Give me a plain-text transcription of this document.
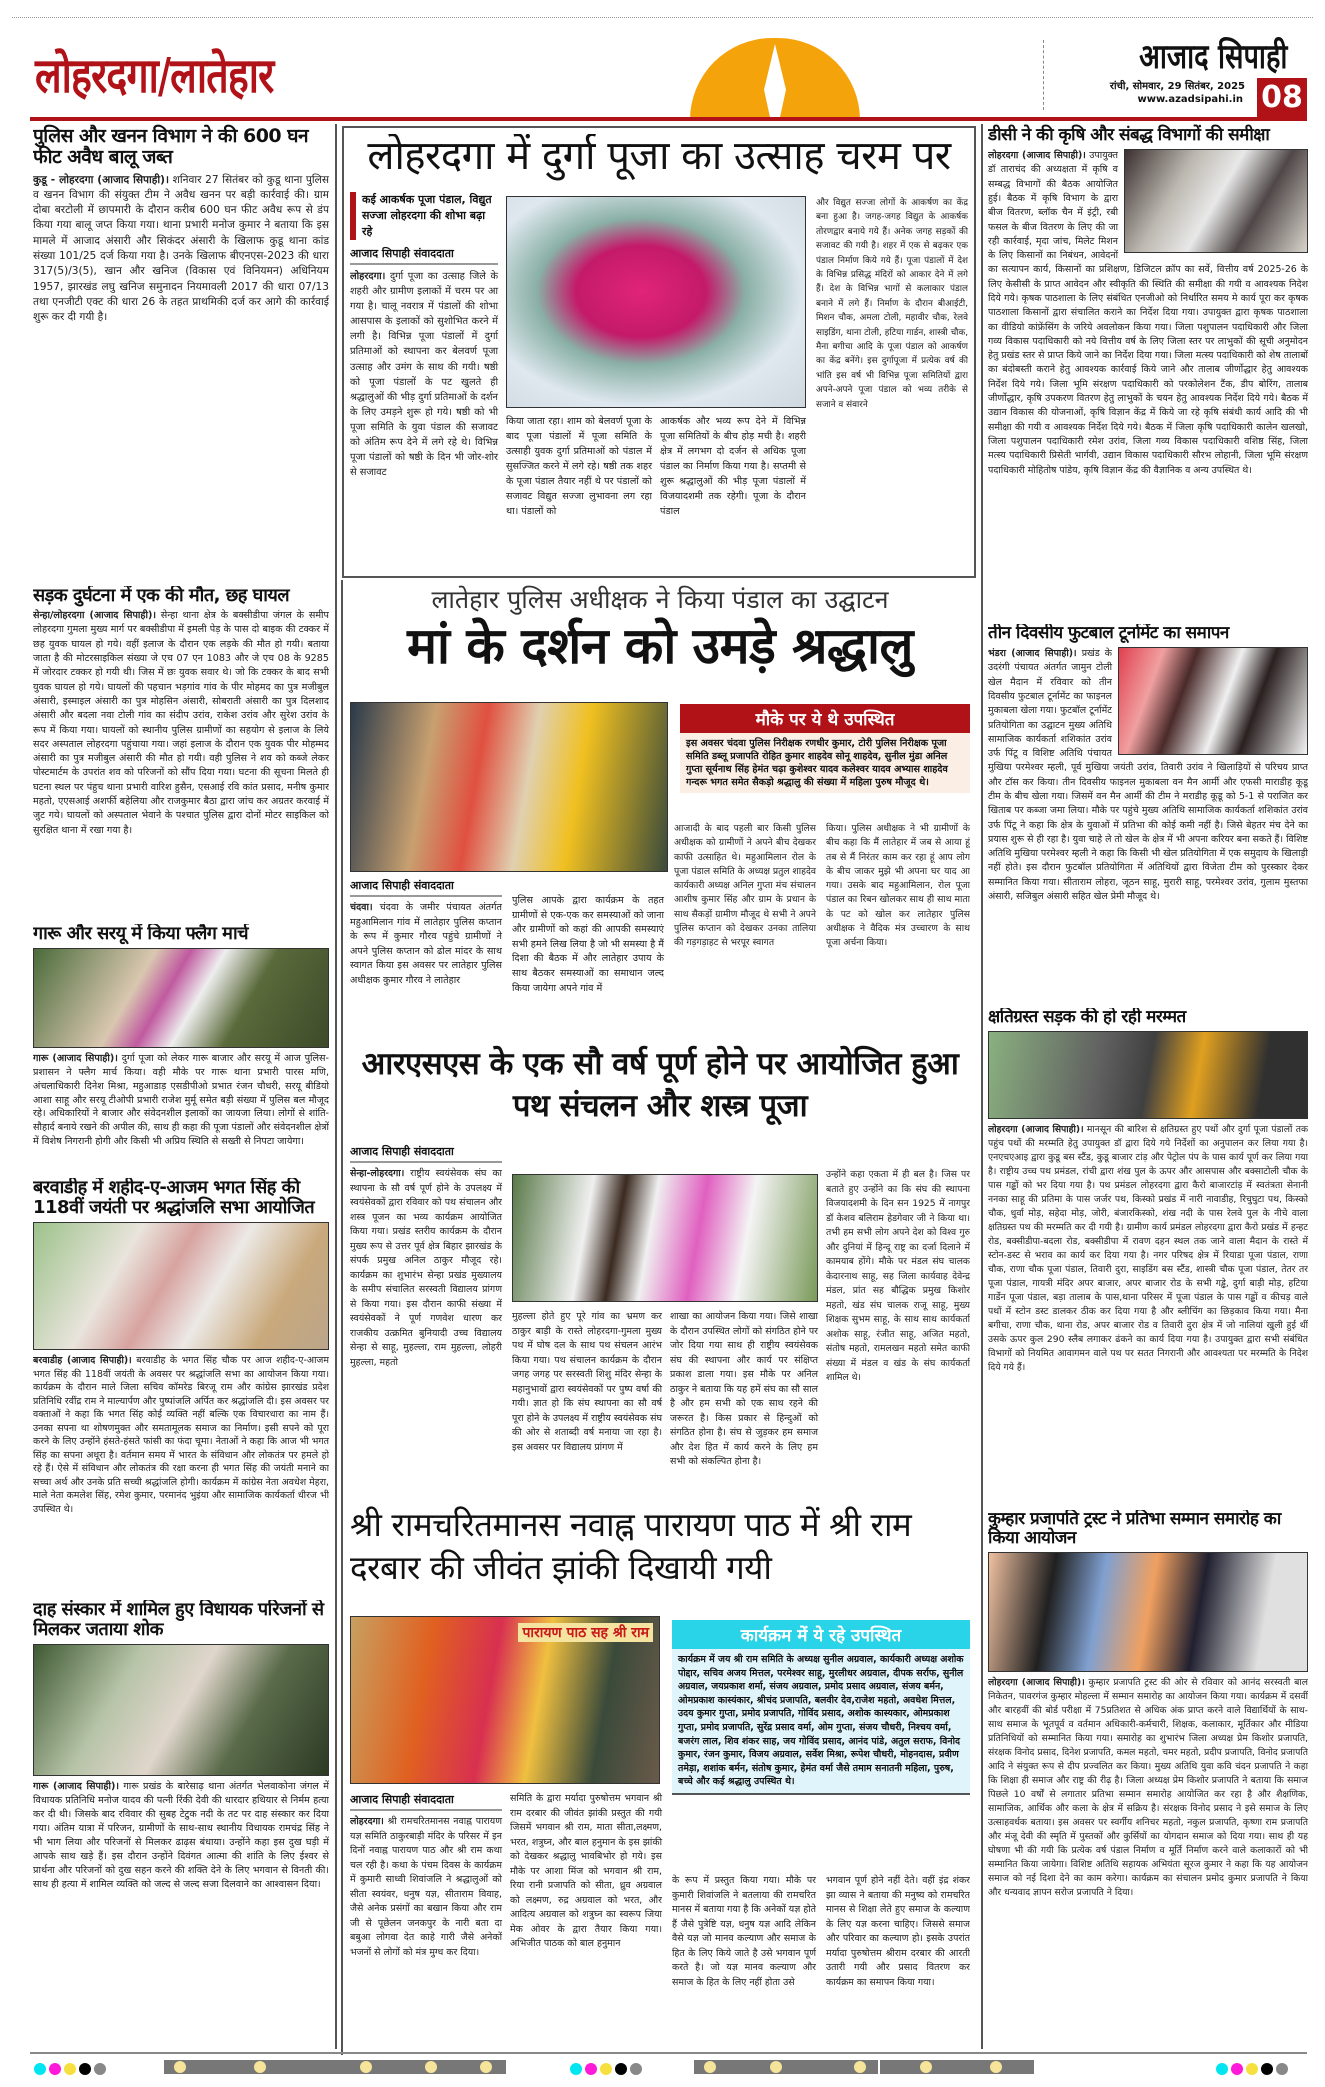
लोहरदगा/लातेहार	आजाद सिपाही
रांची, सोमवार, 29 सितंबर, 2025
www.azadsipahi.in 08
पुलिस और खनन विभाग ने की 600 घन फीट अवैध बालू जब्त

कुडू - लोहरदगा (आजाद सिपाही)। शनिवार 27 सितंबर को कुडू थाना पुलिस व खनन विभाग की संयुक्त टीम ने अवैध खनन पर बड़ी कार्रवाई की। ग्राम दोबा बरटोली में छापमारी के दौरान करीब 600 घन फीट अवैध रूप से डंप किया गया बालू जप्त किया गया। थाना प्रभारी मनोज कुमार ने बताया कि इस मामले में आजाद अंसारी और सिकंदर अंसारी के खिलाफ कुडू थाना कांड संख्या 101/25 दर्ज किया गया है। उनके खिलाफ बीएनएस-2023 की धारा 317(5)/3(5), खान और खनिज (विकास एवं विनियमन) अधिनियम 1957, झारखंड लघु खनिज समुनादन नियमावली 2017 की धारा 07/13 तथा एनजीटी एक्ट की धारा 26 के तहत प्राथमिकी दर्ज कर आगे की कार्रवाई शुरू कर दी गयी है।

सड़क दुर्घटना में एक की मौत, छह घायल

सेन्हा/लोहरदगा (आजाद सिपाही)। सेन्हा थाना क्षेत्र के बक्सीडीपा जंगल के समीप लोहरदगा गुमला मुख्य मार्ग पर बक्सीडीपा में इमली पेड़ के पास दो बाइक की टक्कर में छह युवक घायल हो गये। वहीं इलाज के दौरान एक लड़के की मौत हो गयी। बताया जाता है की मोटरसाइकिल संख्या जे एच 07 एन 1083 और जे एच 08 के 9285 में जोरदार टक्कर हो गयी थी। जिस में छः युवक सवार थे। जो कि टक्कर के बाद सभी युवक घायल हो गये। घायलों की पहचान भड़गांव गांव के पीर मोहमद का पुत्र मजीबुल अंसारी, इस्माइल अंसारी का पुत्र मोहसिन अंसारी, सोबराती अंसारी का पुत्र दिलशाद अंसारी और बदला नवा टोली गांव का संदीप उरांव, राकेश उरांव और सुरेश उरांव के रूप में किया गया। घायलों को स्थानीय पुलिस ग्रामीणों का सहयोग से इलाज के लिये सदर अस्पताल लोहरदगा पहुंचाया गया। जहां इलाज के दौरान एक युवक पीर मोहम्मद अंसारी का पुत्र मजीबुल अंसारी की मौत हो गयी। वही पुलिस ने शव को कब्जे लेकर पोस्टमार्टम के उपरांत शव को परिजनों को सौंप दिया गया। घटना की सूचना मिलते ही घटना स्थल पर पंहुच थाना प्रभारी वारिश हुसैन, एसआई रवि कांत प्रसाद, मनीष कुमार महतो, एएसआई अशर्फी बहेलिया और राजकुमार बैठा द्वारा जांच कर अग्रतर करवाई में जुट गये। घायलों को अस्पताल भेवाने के पश्चात पुलिस द्वारा दोनों मोटर साइकिल को सुरक्षित थाना में रखा गया है।

गारू और सरयू में किया फ्लैग मार्च

गारू (आजाद सिपाही)। दुर्गा पूजा को लेकर गारू बाजार और सरयू में आज पुलिस-प्रशासन ने फ्लैग मार्च किया। वही मौके पर गारू थाना प्रभारी पारस मणि, अंचलाधिकारी दिनेश मिश्रा, महुआडाड़ एसडीपीओ प्रभात रंजन चौधरी, सरयू बीडियो आशा साहू और सरयू टीओपी प्रभारी राजेश मुर्मू समेत बड़ी संख्या में पुलिस बल मौजूद रहे। अधिकारियों ने बाजार और संवेदनशील इलाकों का जायजा लिया। लोगों से शांति-सौहार्द बनाये रखने की अपील की, साथ ही कहा की पूजा पंडालों और संवेदनशील क्षेत्रों में विशेष निगरानी होगी और किसी भी अप्रिय स्थिति से सख्ती से निपटा जायेगा।

बरवाडीह में शहीद-ए-आजम भगत सिंह की 118वीं जयंती पर श्रद्धांजलि सभा आयोजित

बरवाडीह (आजाद सिपाही)। बरवाडीह के भगत सिंह चौक पर आज शहीद-ए-आजम भगत सिंह की 118वीं जयंती के अवसर पर श्रद्धांजलि सभा का आयोजन किया गया। कार्यक्रम के दौरान माले जिला सचिव कॉमरेड बिरजू राम और कांग्रेस झारखंड प्रदेश प्रतिनिधि रवींद्र राम ने माल्यार्पण और पुष्पांजलि अर्पित कर श्रद्धांजलि दी। इस अवसर पर वक्ताओं ने कहा कि भगत सिंह कोई व्यक्ति नहीं बल्कि एक विचारधारा का नाम हैं। उनका सपना था शोषणमुक्त और समतामूलक समाज का निर्माण। इसी सपने को पूरा करने के लिए उन्होंने हंसते-हंसते फांसी का फंदा चूमा। नेताओं ने कहा कि आज भी भगत सिंह का सपना अधूरा है। वर्तमान समय में भारत के संविधान और लोकतंत्र पर हमले हो रहे हैं। ऐसे में संविधान और लोकतंत्र की रक्षा करना ही भगत सिंह की जयंती मनाने का सच्चा अर्थ और उनके प्रति सच्ची श्रद्धांजलि होगी। कार्यक्रम में कांग्रेस नेता अवधेश मेहरा, माले नेता कमलेश सिंह, रमेश कुमार, परमानंद भुइंया और सामाजिक कार्यकर्ता धीरज भी उपस्थित थे।

दाह संस्कार में शामिल हुए विधायक परिजनों से मिलकर जताया शोक

गारू (आजाद सिपाही)। गारू प्रखंड के बारेसाढ़ थाना अंतर्गत भेलवाकोना जंगल में विधायक प्रतिनिधि मनोज यादव की पत्नी रिंकी देवी की धारदार हथियार से निर्मम हत्या कर दी थी। जिसके बाद रविवार की सुबह टेटुक नदी के तट पर दाह संस्कार कर दिया गया। अंतिम यात्रा में परिजन, ग्रामीणों के साथ-साथ स्थानीय विधायक रामचंद्र सिंह ने भी भाग लिया और परिजनों से मिलकर ढाढ़स बंधाया। उन्होंने कहा इस दुख घड़ी में आपके साथ खड़े हैं। इस दौरान उन्होंने दिवंगत आत्मा की शांति के लिए ईश्वर से प्रार्थना और परिजनों को दुख सहन करने की शक्ति देने के लिए भगवान से विनती की। साथ ही हत्या में शामिल व्यक्ति को जल्द से जल्द सजा दिलवाने का आश्वासन दिया।

लोहरदगा में दुर्गा पूजा का उत्साह चरम पर
कई आकर्षक पूजा पंडाल, विद्युत सज्जा लोहरदगा की शोभा बढ़ा रहे
आजाद सिपाही संवाददाता

लोहरदगा। दुर्गा पूजा का उत्साह जिले के शहरी और ग्रामीण इलाकों में चरम पर आ गया है। चालू नवरात्र में पंडालों की शोभा आसपास के इलाकों को सुशोभित करने में लगी है। विभिन्न पूजा पंडालों में दुर्गा प्रतिमाओं को स्थापना कर बेलवर्ण पूजा उत्साह और उमंग के साथ की गयी। षष्ठी को पूजा पंडालों के पट खुलते ही श्रद्धालुओं की भीड़ दुर्गा प्रतिमाओं के दर्शन के लिए उमड़ने शुरू हो गये। षष्ठी को भी पूजा समिति के युवा पंडाल की सजावट को अंतिम रूप देने में लगे रहे थे। विभिन्न पूजा पंडालों को षष्ठी के दिन भी जोर-शोर से सजावट

किया जाता रहा। शाम को बेलवर्ण पूजा के बाद पूजा पंडालों में पूजा समिति के उत्साही युवक दुर्गा प्रतिमाओं को पंडाल में सुसज्जित करने में लगे रहे। षष्ठी तक शहर के पूजा पंडाल तैयार नहीं थे पर पंडालों को सजावट विद्युत सज्जा लुभावना लग रहा था। पंडालों को

आकर्षक और भव्य रूप देने में विभिन्न पूजा समितियों के बीच होड़ मची है। शहरी क्षेत्र में लगभग दो दर्जन से अधिक पूजा पंडाल का निर्माण किया गया है। सप्तमी से शुरू श्रद्धालुओं की भीड़ पूजा पंडालों में विजयादशमी तक रहेगी। पूजा के दौरान पंडाल

और विद्युत सज्जा लोगों के आकर्षण का केंद्र बना हुआ है। जगह-जगह विद्युत के आकर्षक तोरणद्वार बनाये गये हैं। अनेक जगह सड़कों की सजावट की गयी है। शहर में एक से बढ़कर एक पंडाल निर्माण किये गये हैं। पूजा पंडालों में देश के विभिन्न प्रसिद्ध मंदिरों को आकार देने में लगे हैं। देश के विभिन्न भागों से कलाकार पंडाल बनाने में लगे हैं। निर्माण के दौरान बीआईटी, मिशन चौक, अमला टोली, महावीर चौक, रेलवे साइडिंग, थाना टोली, हटिया गार्डन, शास्त्री चौक, मैना बगीचा आदि के पूजा पंडाल को आकर्षण का केंद्र बनेंगे। इस दुर्गापूजा में प्रत्येक वर्ष की भांति इस वर्ष भी विभिन्न पूजा समितियों द्वारा अपने-अपने पूजा पंडाल को भव्य तरीके से सजाने व संवारने

लातेहार पुलिस अधीक्षक ने किया पंडाल का उद्घाटन
मां के दर्शन को उमड़े श्रद्धालु
मौके पर ये थे उपस्थित

इस अवसर चंदवा पुलिस निरीक्षक रणधीर कुमार, टोरी पुलिस निरीक्षक पूजा समिति डब्लू प्रजापति रोहित कुमार शाहदेव सोनू शाहदेव, सुनील मुंडा अनिल गुप्ता सूर्यनाथ सिंह हेमंत चढ़ा कुशेश्वर यादव कलेश्वर यादव अभ्यास शाहदेव गन्दरू भगत समेत सैकड़ो श्रद्धालु की संख्या में महिला पुरुष मौजूद थे।

आजाद सिपाही संवाददाता

चंदवा। चंदवा के जमीर पंचायत अंतर्गत महुआमिलान गांव में लातेहार पुलिस कप्तान के रूप में कुमार गौरव पहुंचे ग्रामीणों ने अपने पुलिस कप्तान को ढोल मांदर के साथ स्वागत किया इस अवसर पर लातेहार पुलिस अधीक्षक कुमार गौरव ने लातेहार

पुलिस आपके द्वारा कार्यक्रम के तहत ग्रामीणों से एक-एक कर समस्याओं को जाना और ग्रामीणों को कहां की आपकी समस्याएं सभी हमने लिख लिया है जो भी समस्या है मैं दिशा की बैठक में और लातेहार उपाय के साथ बैठकर समस्याओं का समाधान जल्द किया जायेगा अपने गांव में

आजादी के बाद पहली बार किसी पुलिस अधीक्षक को ग्रामीणों ने अपने बीच देखकर काफी उत्साहित थे। महुआमिलान रोल के पूजा पंडाल समिति के अध्यक्ष प्रतुल शाहदेव कार्यकारी अध्यक्ष अनिल गुप्ता मंच संचालन आशीष कुमार सिंह और ग्राम के प्रधान के साथ सैकड़ों ग्रामीण मौजूद थे सभी ने अपने पुलिस कप्तान को देखकर उनका तालिया की गड़गड़ाहट से भरपूर स्वागत

किया। पुलिस अधीक्षक ने भी ग्रामीणों के बीच कहा कि मैं लातेहार में जब से आया हूं तब से मैं निरंतर काम कर रहा हूं आप लोग के बीच जाकर मुझे भी अपना घर याद आ गया। उसके बाद महुआमिलान, रोल पूजा पंडाल का रिबन खोलकर साथ ही साथ माता के पट को खोल कर लातेहार पुलिस अधीक्षक ने वैदिक मंत्र उच्चारण के साथ पूजा अर्चना किया।

आरएसएस के एक सौ वर्ष पूर्ण होने पर आयोजित हुआ पथ संचलन और शस्त्र पूजा
आजाद सिपाही संवाददाता

सेन्हा-लोहरदगा। राष्ट्रीय स्वयंसेवक संघ का स्थापना के सौ वर्ष पूर्ण होने के उपलक्ष्य में स्वयंसेवकों द्वारा रविवार को पथ संचालन और शस्त्र पूजन का भव्य कार्यक्रम आयोजित किया गया। प्रखंड स्तरीय कार्यक्रम के दौरान मुख्य रूप से उत्तर पूर्व क्षेत्र बिहार झारखंड के संपर्क प्रमुख अनिल ठाकुर मौजूद रहे। कार्यक्रम का शुभारंभ सेन्हा प्रखंड मुख्यालय के समीप संचालित सरस्वती विद्यालय प्रांगण से किया गया। इस दौरान काफी संख्या में स्वयंसेवकों ने पूर्ण गणवेश धारण कर राजकीय उत्क्रमित बुनियादी उच्च विद्यालय सेन्हा से साहू, मुहल्ला, राम मुहल्ला, लोहरी मुहल्ला, महतो

मुहल्ला होते हुए पूरे गांव का भ्रमण कर ठाकुर बाड़ी के रास्ते लोहरदगा-गुमला मुख्य पथ में घोष दल के साथ पथ संचलन आरंभ किया गया। पथ संचालन कार्यक्रम के दौरान जगह जगह पर सरस्वती शिशु मंदिर सेन्हा के महानुभावों द्वारा स्वयंसेवकों पर पुष्प वर्षा की गयी। ज्ञात हो कि संघ स्थापना का सौ वर्ष पूरा होने के उपलक्ष्य में राष्ट्रीय स्वयंसेवक संघ की ओर से शताब्दी वर्ष मनाया जा रहा है। इस अवसर पर विद्यालय प्रांगण में

शाखा का आयोजन किया गया। जिसे शाखा के दौरान उपस्थित लोगों को संगठित होने पर जोर दिया गया साथ ही राष्ट्रीय स्वयंसेवक संघ की स्थापना और कार्य पर संक्षिप्त प्रकाश डाला गया। इस मौके पर अनिल ठाकुर ने बताया कि यह हमें संघ का सौ साल है और हम सभी को एक साथ रहने की जरूरत है। किस प्रकार से हिन्दुओं को संगठित होना है। संघ से जुड़कर हम समाज और देश हित में कार्य करने के लिए हम सभी को संकल्पित होना है।

उन्होंने कहा एकता में ही बल है। जिस पर बताते हुए उन्होंने का कि संघ की स्थापना विजयादशमी के दिन सन 1925 में नागपुर डॉ केशव बलिराम हेडगेवार जी ने किया था। तभी हम सभी लोग अपने देश को विश्व गुरु और दुनियां में हिन्दू राष्ट्र का दर्जा दिलाने में कामयाब होंगे। मौके पर मंडल संघ चालक केदारनाथ साहू, सह जिला कार्यवाह देवेन्द्र मंडल, प्रांत सह बौद्धिक प्रमुख किशोर महतो, खंड संघ चालक राजू साहू, मुख्य शिक्षक सुभम साहू, के साथ साथ कार्यकर्ता अशोक साहू, रंजीत साहू, अजित महतो, संतोष महतो, रामलखन महतो समेत काफी संख्या में मंडल व खंड के संघ कार्यकर्ता शामिल थे।

श्री रामचरितमानस नवाह्न पारायण पाठ में श्री राम दरबार की जीवंत झांकी दिखायी गयी
पारायण पाठ सह श्री राम	कार्यक्रम में ये रहे उपस्थित

कार्यक्रम में जय श्री राम समिति के अध्यक्ष सुनील अग्रवाल, कार्यकारी अध्यक्ष अशोक पोद्दार, सचिव अजय मित्तल, परमेश्वर साहू, मुरलीधर अग्रवाल, दीपक सर्राफ, सुनील अग्रवाल, जयप्रकाश शर्मा, संजय अग्रवाल, प्रमोद प्रसाद अग्रवाल, संजय बर्मन, ओमप्रकाश कास्यंकार, श्रीचंद प्रजापति, बलवीर देव,राजेश महतो, अवधेश मित्तल, उदय कुमार गुप्ता, प्रमोद प्रजापति, गोविंद प्रसाद, अशोक कास्यकार, ओमप्रकाश गुप्ता, प्रमोद प्रजापति, सुरेंद्र प्रसाद वर्मा, ओम गुप्ता, संजय चौधरी, निश्चय वर्मा, बजरंग लाल, शिव शंकर साह, जय गोविंद प्रसाद, आनंद पांडे, अतुल सराफ, विनोद कुमार, रंजन कुमार, विजय अग्रवाल, सर्वेश मिश्रा, रूपेश चौधरी, मोहनदास, प्रवीण तमेड़ा, शशांक बर्मन, संतोष कुमार, हेमंत वर्मा जैसे तमाम सनातनी महिला, पुरुष, बच्चे और कई श्रद्धालु उपस्थित थे।

आजाद सिपाही संवाददाता

लोहरदगा। श्री रामचरितमानस नवाह्न पारायण यज्ञ समिति ठाकुरबाड़ी मंदिर के परिसर में इन दिनों नवाह्न पारायण पाठ और श्री राम कथा चल रही है। कथा के पंचम दिवस के कार्यक्रम में कुमारी साध्वी शिवांजलि ने श्रद्धालुओं को सीता स्वयंवर, धनुष यज्ञ, सीताराम विवाह, जैसे अनेक प्रसंगों का बखान किया और राम जी से पूछेलन जनकपुर के नारी बता दा बबुआ लोगवा देत काहे गारी जैसे अनेकों भजनों से लोगों को मंत्र मुग्ध कर दिया।

समिति के द्वारा मर्यादा पुरुषोत्तम भगवान श्री राम दरबार की जीवंत झांकी प्रस्तुत की गयी जिसमें भगवान श्री राम, माता सीता,लक्ष्मण, भरत, शत्रुघ्न, और बाल हनुमान के इस झांकी को देखकर श्रद्धालु भावबिभोर हो गये। इस मौके पर आशा मिंज को भगवान श्री राम, रिया रानी प्रजापति को सीता, ध्रुव अग्रवाल को लक्ष्मण, रुद्र अग्रवाल को भरत, और आदित्य अग्रवाल को शत्रुघ्न का स्वरूप जिया मेक ओवर के द्वारा तैयार किया गया। अभिजीत पाठक को बाल हनुमान

के रूप में प्रस्तुत किया गया। मौके पर कुमारी शिवांजलि ने बतलाया की रामचरित मानस में बताया गया है कि अनेकों यज्ञ होते हैं जैसे पुत्रेष्टि यज्ञ, धनुष यज्ञ आदि लेकिन वैसे यज्ञ जो मानव कल्याण और समाज के हित के लिए किये जाते है उसे भगवान पूर्ण करते है। जो यज्ञ मानव कल्याण और समाज के हित के लिए नहीं होता उसे

भगवान पूर्ण होने नहीं देते। वहीं इंद्र शंकर झा व्यास ने बताया की मनुष्य को रामचरित मानस से शिक्षा लेते हुए समाज के कल्याण के लिए यज्ञ करना चाहिए। जिससे समाज और परिवार का कल्याण हो। इसके उपरांत मर्यादा पुरुषोत्तम श्रीराम दरबार की आरती उतारी गयी और प्रसाद वितरण कर कार्यक्रम का समापन किया गया।

डीसी ने की कृषि और संबद्ध विभागों की समीक्षा

लोहरदगा (आजाद सिपाही)। उपायुक्त डॉ ताराचंद की अध्यक्षता में कृषि व सम्बद्ध विभागों की बैठक आयोजित हुई। बैठक में कृषि विभाग के द्वारा बीज वितरण, ब्लॉक चैन में इंट्री, रबी फसल के बीज वितरण के लिए की जा रही कार्रवाई, मृदा जांच, मिलेट मिशन के लिए किसानों का निबंधन, आवेदनों का सत्यापन कार्य, किसानों का प्रशिक्षण, डिजिटल क्रॉप का सर्वे, वित्तीय वर्ष 2025-26 के लिए केसीसी के प्राप्त आवेदन और स्वीकृति की स्थिति की समीक्षा की गयी व आवश्यक निदेश दिये गये। कृषक पाठशाला के लिए संबंधित एनजीओ को निर्धारित समय मे कार्य पूरा कर कृषक पाठशाला किसानों द्वारा संचालित कराने का निर्देश दिया गया। उपायुक्त द्वारा कृषक पाठशाला का वीडियो कांफ्रेंसिंग के जरिये अवलोकन किया गया। जिला पशुपालन पदाधिकारी और जिला गव्य विकास पदाधिकारी को नये वित्तीय वर्ष के लिए जिला स्तर पर लाभुकों की सूची अनुमोदन हेतु प्रखंड स्तर से प्राप्त किये जाने का निर्देश दिया गया। जिला मत्स्य पदाधिकारी को शेष तालाबों का बंदोबस्ती कराने हेतु आवश्यक कार्रवाई किये जाने और तालाब जीर्णोद्धार हेतु आवश्यक निर्देश दिये गये। जिला भूमि संरक्षण पदाधिकारी को परकोलेशन टैंक, डीप बोरिंग, तालाब जीर्णोद्धार, कृषि उपकरण वितरण हेतु लाभुकों के चयन हेतु आवश्यक निर्देश दिये गये। बैठक में उद्यान विकास की योजनाओं, कृषि विज्ञान केंद्र में किये जा रहे कृषि संबंधी कार्य आदि की भी समीक्षा की गयी व आवश्यक निर्देश दिये गये। बैठक में जिला कृषि पदाधिकारी कालेन खलखो, जिला पशुपालन पदाधिकारी रमेश उरांव, जिला गव्य विकास पदाधिकारी वशिष्ठ सिंह, जिला मत्स्य पदाधिकारी प्रिसेती भार्गवी, उद्यान विकास पदाधिकारी सौरभ लोहानी, जिला भूमि संरक्षण पदाधिकारी मोहितोष पांडेय, कृषि विज्ञान केंद्र की वैज्ञानिक व अन्य उपस्थित थे।

तीन दिवसीय फुटबाल टूर्नामेंट का समापन

भंडरा (आजाद सिपाही)। प्रखंड के उदरंगी पंचायत अंतर्गत जामुन टोली खेल मैदान में रविवार को तीन दिवसीय फुटबाल टूर्नामेंट का फाइनल मुकाबला खेला गया। फुटबॉल टूर्नामेंट प्रतियोगिता का उद्घाटन मुख्य अतिथि सामाजिक कार्यकर्ता शशिकांत उरांव उर्फ पिंटू व विशिष्ट अतिथि पंचायत मुखिया परमेश्वर म्हली, पूर्व मुखिया जयंती उरांव, तिवारी उरांव ने खिलाड़ियों से परिचय प्राप्त और टॉस कर किया। तीन दिवसीय फाइनल मुकाबला वन मैन आर्मी और एफसी माराडीह कूडू टीम के बीच खेला गया। जिसमें वन मैन आर्मी की टीम ने मराडीह कूडू को 5-1 से पराजित कर खिताब पर कब्जा जमा लिया। मौके पर पहुंचे मुख्य अतिथि सामाजिक कार्यकर्ता शशिकांत उरांव उर्फ पिंटू ने कहा कि क्षेत्र के युवाओं में प्रतिभा की कोई कमी नहीं है। जिसे बेहतर मंच देने का प्रयास शुरू से ही रहा है। युवा चाहे ले तो खेल के क्षेत्र में भी अपना करियर बना सकते हैं। विशिष्ट अतिथि मुखिया परमेश्वर म्हली ने कहा कि किसी भी खेल प्रतियोगिता में एक समुदाय के खिलाड़ी नहीं होते। इस दौरान फुटबॉल प्रतियोगिता में अतिथियों द्वारा विजेता टीम को पुरस्कार देकर सम्मानित किया गया। सीताराम लोहरा, जूठन साहू, मुरारी साहू, परमेश्वर उरांव, गुलाम मुस्तफा अंसारी, सजिबुल अंसारी सहित खेल प्रेमी मौजूद थे।

क्षतिग्रस्त सड़क की हो रही मरम्मत

लोहरदगा (आजाद सिपाही)। मानसून की बारिश से क्षतिग्रस्त हुए पथों और दुर्गा पूजा पंडालों तक पहुंच पथों की मरम्मति हेतु उपायुक्त डॉ द्वारा दिये गये निर्देशों का अनुपालन कर लिया गया है। एनएचएआइ द्वारा कुडू बस स्टैंड, कुडू बाजार टांड़ और पेट्रोल पंप के पास कार्य पूर्ण कर लिया गया है। राष्ट्रीय उच्च पथ प्रमंडल, रांची द्वारा शंख पुल के ऊपर और आसपास और बक्साटोली चौक के पास गड्ढों को भर दिया गया है। पथ प्रमंडल लोहरदगा द्वारा कैरो बाजारटांड़ में स्वतंत्रता सेनानी ननका साहू की प्रतिमा के पास जर्जर पथ, किस्को प्रखंड में नारी नावाडीह, रिचुघुटा पथ, किस्को चौक, धुर्वा मोड़, सहेदा मोड़, जोरी, बंजारकिस्को, शंख नदी के पास रेलवे पुल के नीचे वाला क्षतिग्रस्त पथ की मरम्मति कर दी गयी है। ग्रामीण कार्य प्रमंडल लोहरदगा द्वारा कैरो प्रखंड में हन्हट रोड, बक्सीडीपा-बदला रोड, बक्सीडीपा में रावण दहन स्थल तक जाने वाला मैदान के रास्ते में स्टोन-डस्ट से भराव का कार्य कर दिया गया है। नगर परिषद क्षेत्र में रियाडा पूजा पंडाल, राणा चौक, राणा चौक पूजा पंडाल, तिवारी दुरा, साइडिंग बस स्टैंड, शास्त्री चौक पूजा पंडाल, तेतर तर पूजा पंडाल, गायत्री मंदिर अपर बाजार, अपर बाजार रोड के सभी गड्ढे, दुर्गा बाड़ी मोड़, हटिया गार्डेन पूजा पंडाल, बड़ा तालाब के पास,थाना परिसर में पूजा पंडाल के पास गड्ढों व कीचड़ वाले पथों में स्टोन डस्ट डालकर ठीक कर दिया गया है और ब्लीचिंग का छिड़काव किया गया। मैना बगीचा, राणा चौक, थाना रोड, अपर बाजार रोड व तिवारी दुरा क्षेत्र में जो नालियां खुली हुई थीं उसके ऊपर कुल 290 स्लैब लगाकर ढंकने का कार्य दिया गया है। उपायुक्त द्वारा सभी संबंधित विभागों को नियमित आवागमन वाले पथ पर सतत निगरानी और आवश्यता पर मरम्मति के निदेश दिये गये हैं।

कुम्हार प्रजापति ट्रस्ट ने प्रतिभा सम्मान समारोह का किया आयोजन

लोहरदगा (आजाद सिपाही)। कुम्हार प्रजापति ट्रस्ट की ओर से रविवार को आनंद सरस्वती बाल निकेतन, पावरगंज कुम्हार मोहल्ला में सम्मान समारोह का आयोजन किया गया। कार्यक्रम में दसवीं और बारहवीं की बोर्ड परीक्षा में 75प्रतिशत से अधिक अंक प्राप्त करने वाले विद्यार्थियों के साथ-साथ समाज के भूतपूर्व व वर्तमान अधिकारी-कर्मचारी, शिक्षक, कलाकार, मूर्तिकार और मीडिया प्रतिनिधियों को सम्मानित किया गया। समारोह का शुभारंभ जिला अध्यक्ष प्रेम किशोर प्रजापति, संरक्षक विनोद प्रसाद, दिनेश प्रजापति, कमल महतो, चमर महतो, प्रदीप प्रजापति, विनोद प्रजापति आदि ने संयुक्त रूप से दीप प्रज्वलित कर किया। मुख्य अतिथि युवा कवि चंदन प्रजापति ने कहा कि शिक्षा ही समाज और राष्ट्र की रीढ़ है। जिला अध्यक्ष प्रेम किशोर प्रजापति ने बताया कि समाज पिछले 10 वर्षों से लगातार प्रतिभा सम्मान समारोह आयोजित कर रहा है और शैक्षणिक, सामाजिक, आर्थिक और कला के क्षेत्र में सक्रिय है। संरक्षक विनोद प्रसाद ने इसे समाज के लिए उत्साहवर्धक बताया। इस अवसर पर स्वर्गीय शनिचर महतो, नकुल प्रजापति, कृष्णा राम प्रजापति और मंजू देवी की स्मृति में पुस्तकों और कुर्सियों का योगदान समाज को दिया गया। साथ ही यह घोषणा भी की गयी कि प्रत्येक वर्ष पंडाल निर्माण व मूर्ति निर्माण करने वाले कलाकारों को भी सम्मानित किया जायेगा। विशिष्ट अतिथि सहायक अभियंता सूरज कुमार ने कहा कि यह आयोजन समाज को नई दिशा देने का काम करेगा। कार्यक्रम का संचालन प्रमोद कुमार प्रजापति ने किया और धन्यवाद ज्ञापन सरोज प्रजापति ने दिया।
